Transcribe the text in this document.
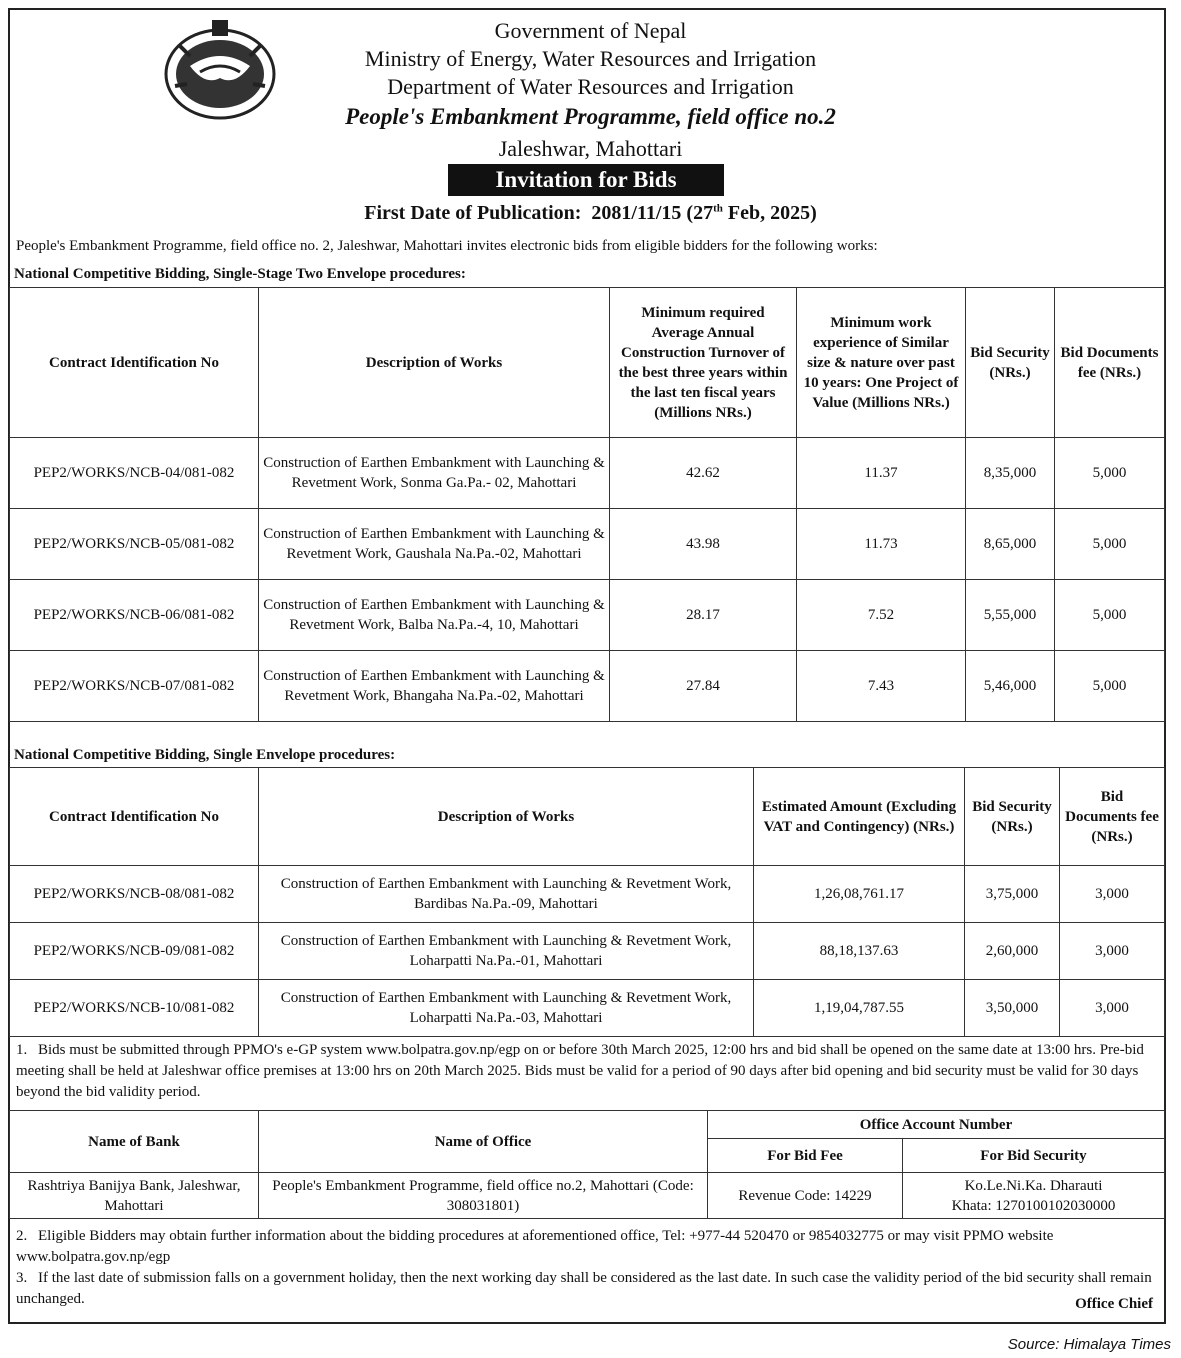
Government of Nepal
Ministry of Energy, Water Resources and Irrigation
Department of Water Resources and Irrigation
People's Embankment Programme, field office no.2
Jaleshwar, Mahottari
Invitation for Bids
First Date of Publication: 2081/11/15 (27th Feb, 2025)
People's Embankment Programme, field office no. 2, Jaleshwar, Mahottari invites electronic bids from eligible bidders for the following works:
National Competitive Bidding, Single-Stage Two Envelope procedures:
Contract Identification No	Description of Works	Minimum required Average Annual Construction Turnover of the best three years within the last ten fiscal years (Millions NRs.)	Minimum work experience of Similar size & nature over past 10 years: One Project of Value (Millions NRs.)	Bid Security (NRs.)	Bid Documents fee (NRs.)
PEP2/WORKS/NCB-04/081-082	Construction of Earthen Embankment with Launching & Revetment Work, Sonma Ga.Pa.- 02, Mahottari	42.62	11.37	8,35,000	5,000
PEP2/WORKS/NCB-05/081-082	Construction of Earthen Embankment with Launching & Revetment Work, Gaushala Na.Pa.-02, Mahottari	43.98	11.73	8,65,000	5,000
PEP2/WORKS/NCB-06/081-082	Construction of Earthen Embankment with Launching & Revetment Work, Balba Na.Pa.-4, 10, Mahottari	28.17	7.52	5,55,000	5,000
PEP2/WORKS/NCB-07/081-082	Construction of Earthen Embankment with Launching & Revetment Work, Bhangaha Na.Pa.-02, Mahottari	27.84	7.43	5,46,000	5,000
National Competitive Bidding, Single Envelope procedures:
Contract Identification No	Description of Works	Estimated Amount (Excluding VAT and Contingency) (NRs.)	Bid Security (NRs.)	Bid Documents fee (NRs.)
PEP2/WORKS/NCB-08/081-082	Construction of Earthen Embankment with Launching & Revetment Work, Bardibas Na.Pa.-09, Mahottari	1,26,08,761.17	3,75,000	3,000
PEP2/WORKS/NCB-09/081-082	Construction of Earthen Embankment with Launching & Revetment Work, Loharpatti Na.Pa.-01, Mahottari	88,18,137.63	2,60,000	3,000
PEP2/WORKS/NCB-10/081-082	Construction of Earthen Embankment with Launching & Revetment Work, Loharpatti Na.Pa.-03, Mahottari	1,19,04,787.55	3,50,000	3,000
1. Bids must be submitted through PPMO's e-GP system www.bolpatra.gov.np/egp on or before 30th March 2025, 12:00 hrs and bid shall be opened on the same date at 13:00 hrs. Pre-bid meeting shall be held at Jaleshwar office premises at 13:00 hrs on 20th March 2025. Bids must be valid for a period of 90 days after bid opening and bid security must be valid for 30 days beyond the bid validity period.
Name of Bank	Name of Office	Office Account Number	
		For Bid Fee	For Bid Security
Rashtriya Banijya Bank, Jaleshwar, Mahottari	People's Embankment Programme, field office no.2, Mahottari (Code: 308031801)	Revenue Code: 14229	Ko.Le.Ni.Ka. Dharauti
Khata: 1270100102030000
2. Eligible Bidders may obtain further information about the bidding procedures at aforementioned office, Tel: +977-44 520470 or 9854032775 or may visit PPMO website www.bolpatra.gov.np/egp
3. If the last date of submission falls on a government holiday, then the next working day shall be considered as the last date. In such case the validity period of the bid security shall remain unchanged.	Office Chief
Source: Himalaya Times
